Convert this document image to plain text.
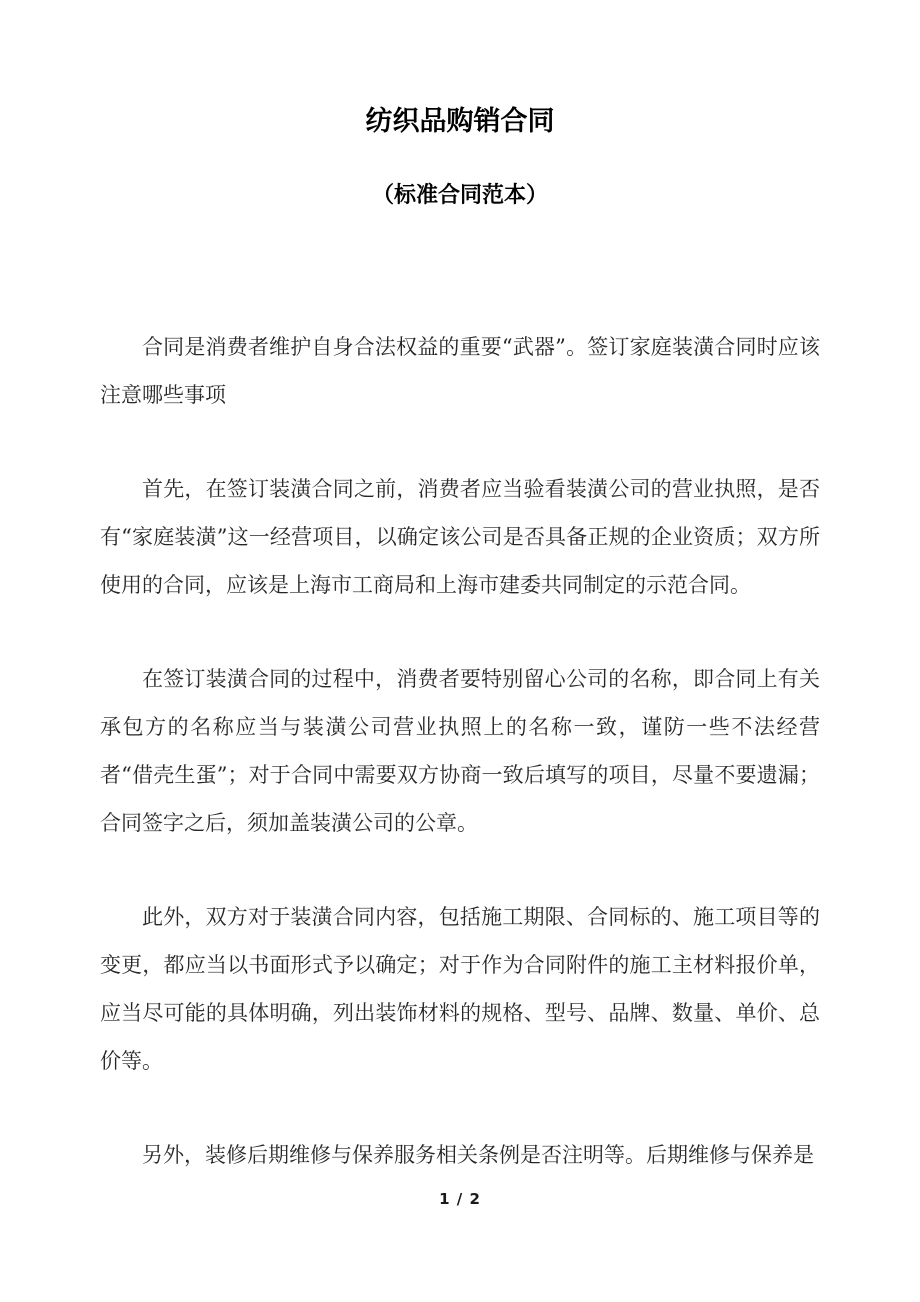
纺织品购销合同
（标准合同范本）

合同是消费者维护自身合法权益的重要“武器”。签订家庭装潢合同时应该注意哪些事项

首先，在签订装潢合同之前，消费者应当验看装潢公司的营业执照，是否有“家庭装潢”这一经营项目，以确定该公司是否具备正规的企业资质；双方所使用的合同，应该是上海市工商局和上海市建委共同制定的示范合同。

在签订装潢合同的过程中，消费者要特别留心公司的名称，即合同上有关承包方的名称应当与装潢公司营业执照上的名称一致，谨防一些不法经营者“借壳生蛋”；对于合同中需要双方协商一致后填写的项目，尽量不要遗漏；合同签字之后，须加盖装潢公司的公章。

此外，双方对于装潢合同内容，包括施工期限、合同标的、施工项目等的变更，都应当以书面形式予以确定；对于作为合同附件的施工主材料报价单，应当尽可能的具体明确，列出装饰材料的规格、型号、品牌、数量、单价、总价等。

另外，装修后期维修与保养服务相关条例是否注明等。后期维修与保养是

1 / 2
